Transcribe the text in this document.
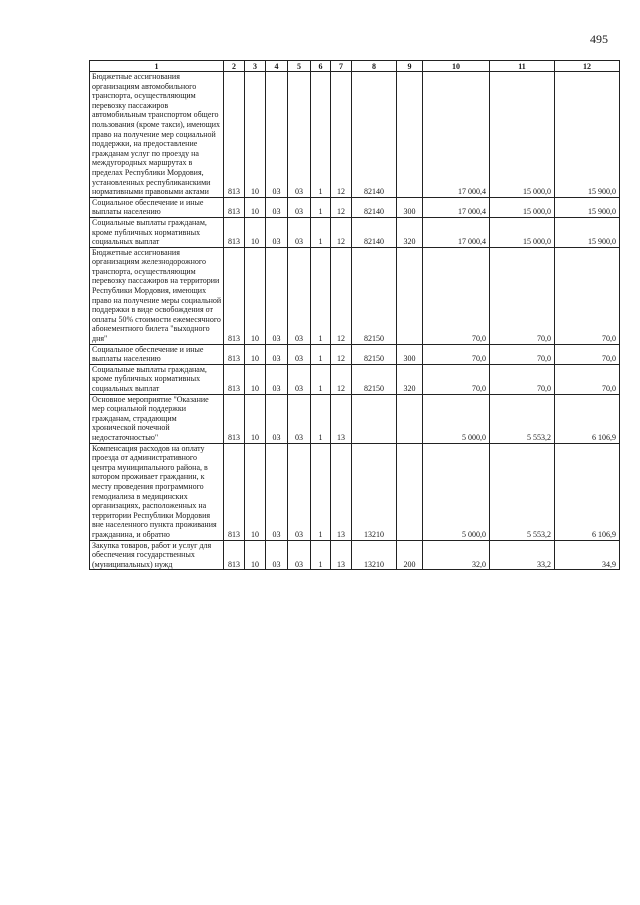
495
1	2	3	4	5	6	7	8	9	10	11	12
Бюджетные ассигнования организациям автомобильного транспорта, осуществляющим перевозку пассажиров автомобильным транспортом общего пользования (кроме такси), имеющих право на получение мер социальной поддержки, на предоставление гражданам услуг по проезду на междугородных маршрутах в пределах Республики Мордовия, установленных республиканскими нормативными правовыми актами	813	10	03	03	1	12	82140		17 000,4	15 000,0	15 900,0
Социальное обеспечение и иные выплаты населению	813	10	03	03	1	12	82140	300	17 000,4	15 000,0	15 900,0
Социальные выплаты гражданам, кроме публичных нормативных социальных выплат	813	10	03	03	1	12	82140	320	17 000,4	15 000,0	15 900,0
Бюджетные ассигнования организациям железнодорожного транспорта, осуществляющим перевозку пассажиров на территории Республики Мордовия, имеющих право на получение меры социальной поддержки в виде освобождения от оплаты 50% стоимости ежемесячного абонементного билета "выходного дня"	813	10	03	03	1	12	82150		70,0	70,0	70,0
Социальное обеспечение и иные выплаты населению	813	10	03	03	1	12	82150	300	70,0	70,0	70,0
Социальные выплаты гражданам, кроме публичных нормативных социальных выплат	813	10	03	03	1	12	82150	320	70,0	70,0	70,0
Основное мероприятие "Оказание мер социальной поддержки гражданам, страдающим хронической почечной недостаточностью"	813	10	03	03	1	13			5 000,0	5 553,2	6 106,9
Компенсация расходов на оплату проезда от административного центра муниципального района, в котором проживает гражданин, к месту проведения программного гемодиализа в медицинских организациях, расположенных на территории Республики Мордовия вне населенного пункта проживания гражданина, и обратно	813	10	03	03	1	13	13210		5 000,0	5 553,2	6 106,9
Закупка товаров, работ и услуг для обеспечения государственных (муниципальных) нужд	813	10	03	03	1	13	13210	200	32,0	33,2	34,9
